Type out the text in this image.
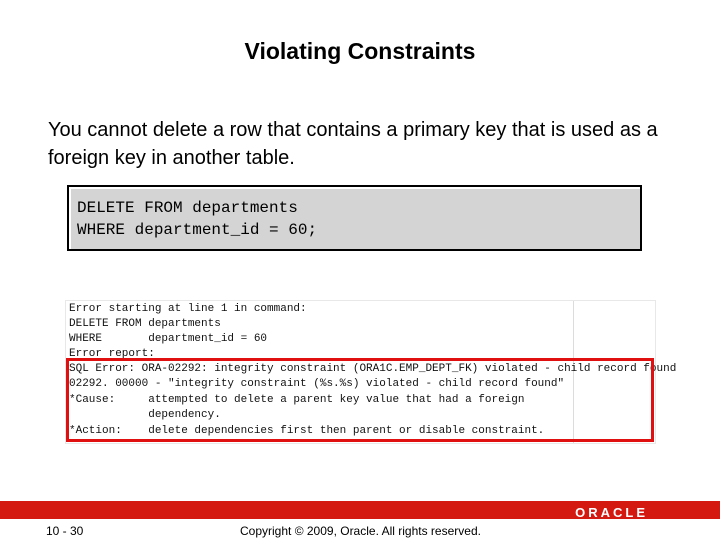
Violating Constraints
You cannot delete a row that contains a primary key that is used as a foreign key in another table.
DELETE FROM departments
WHERE department_id = 60;
Error starting at line 1 in command:
DELETE FROM departments
WHERE       department_id = 60
Error report:
SQL Error: ORA-02292: integrity constraint (ORA1C.EMP_DEPT_FK) violated - child record found
02292. 00000 - "integrity constraint (%s.%s) violated - child record found"
*Cause:     attempted to delete a parent key value that had a foreign
dependency.
*Action:    delete dependencies first then parent or disable constraint.
ORACLE
10 - 30	Copyright © 2009, Oracle. All rights reserved.
